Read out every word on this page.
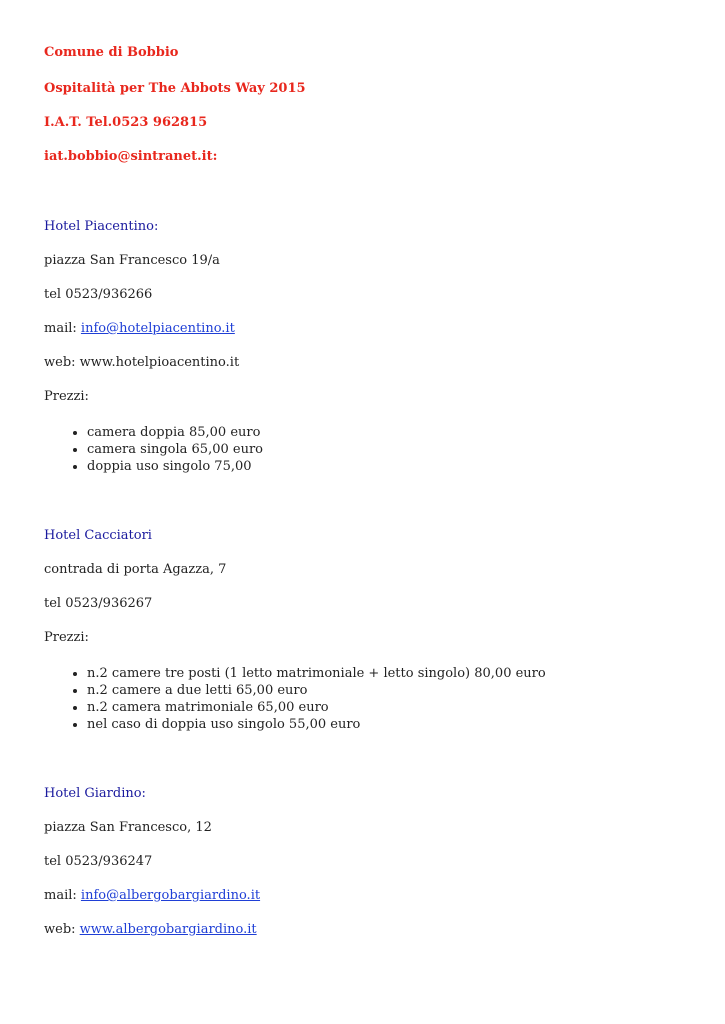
Comune di Bobbio
Ospitalità per The Abbots Way 2015
I.A.T. Tel.0523 962815
iat.bobbio@sintranet.it:
Hotel Piacentino:
piazza San Francesco 19/a
tel 0523/936266
mail: info@hotelpiacentino.it
web: www.hotelpioacentino.it
Prezzi:
• camera doppia 85,00 euro
• camera singola 65,00 euro
• doppia uso singolo 75,00
Hotel Cacciatori
contrada di porta Agazza, 7
tel 0523/936267
Prezzi:
• n.2 camere tre posti (1 letto matrimoniale + letto singolo) 80,00 euro
• n.2 camere a due letti 65,00 euro
• n.2 camera matrimoniale 65,00 euro
• nel caso di doppia uso singolo 55,00 euro
Hotel Giardino:
piazza San Francesco, 12
tel 0523/936247
mail: info@albergobargiardino.it
web: www.albergobargiardino.it
